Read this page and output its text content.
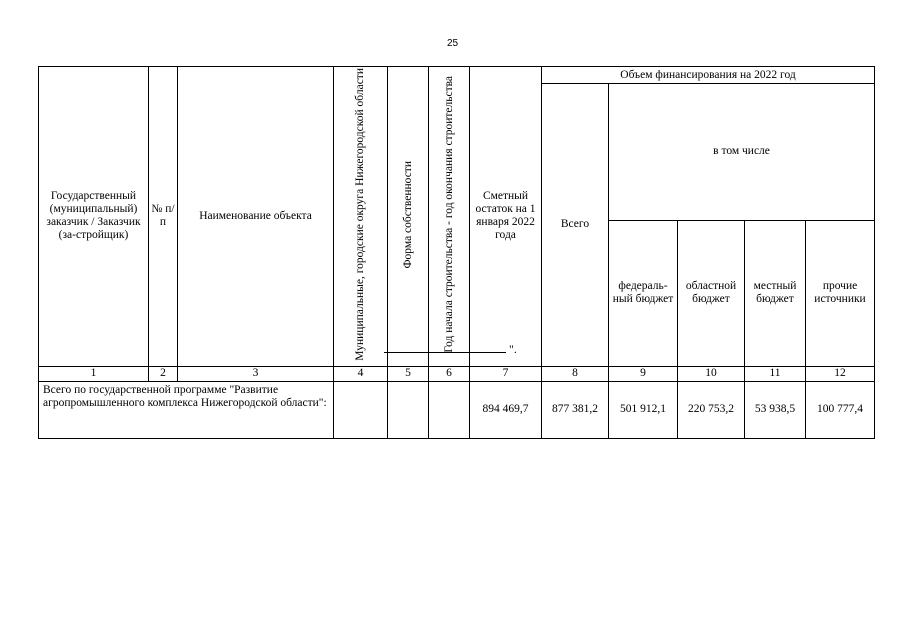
25
Государственный (муниципальный) заказчик / Заказчик (за-стройщик)	№ п/п	Наименование объекта	Муниципальные, городские округа Нижегородской области	Форма собственности	Год начала строительства - год окончания строительства	Сметный остаток на 1 января 2022 года	Объем финансирования на 2022 год				
							Всего	в том числе			
								федераль-ный бюджет	областной бюджет	местный бюджет	прочие источники
1	2	3	4	5	6	7	8	9	10	11	12
Всего по государственной программе "Развитие агропромышленного комплекса Нижегородской области":						894 469,7	877 381,2	501 912,1	220 753,2	53 938,5	100 777,4
".
